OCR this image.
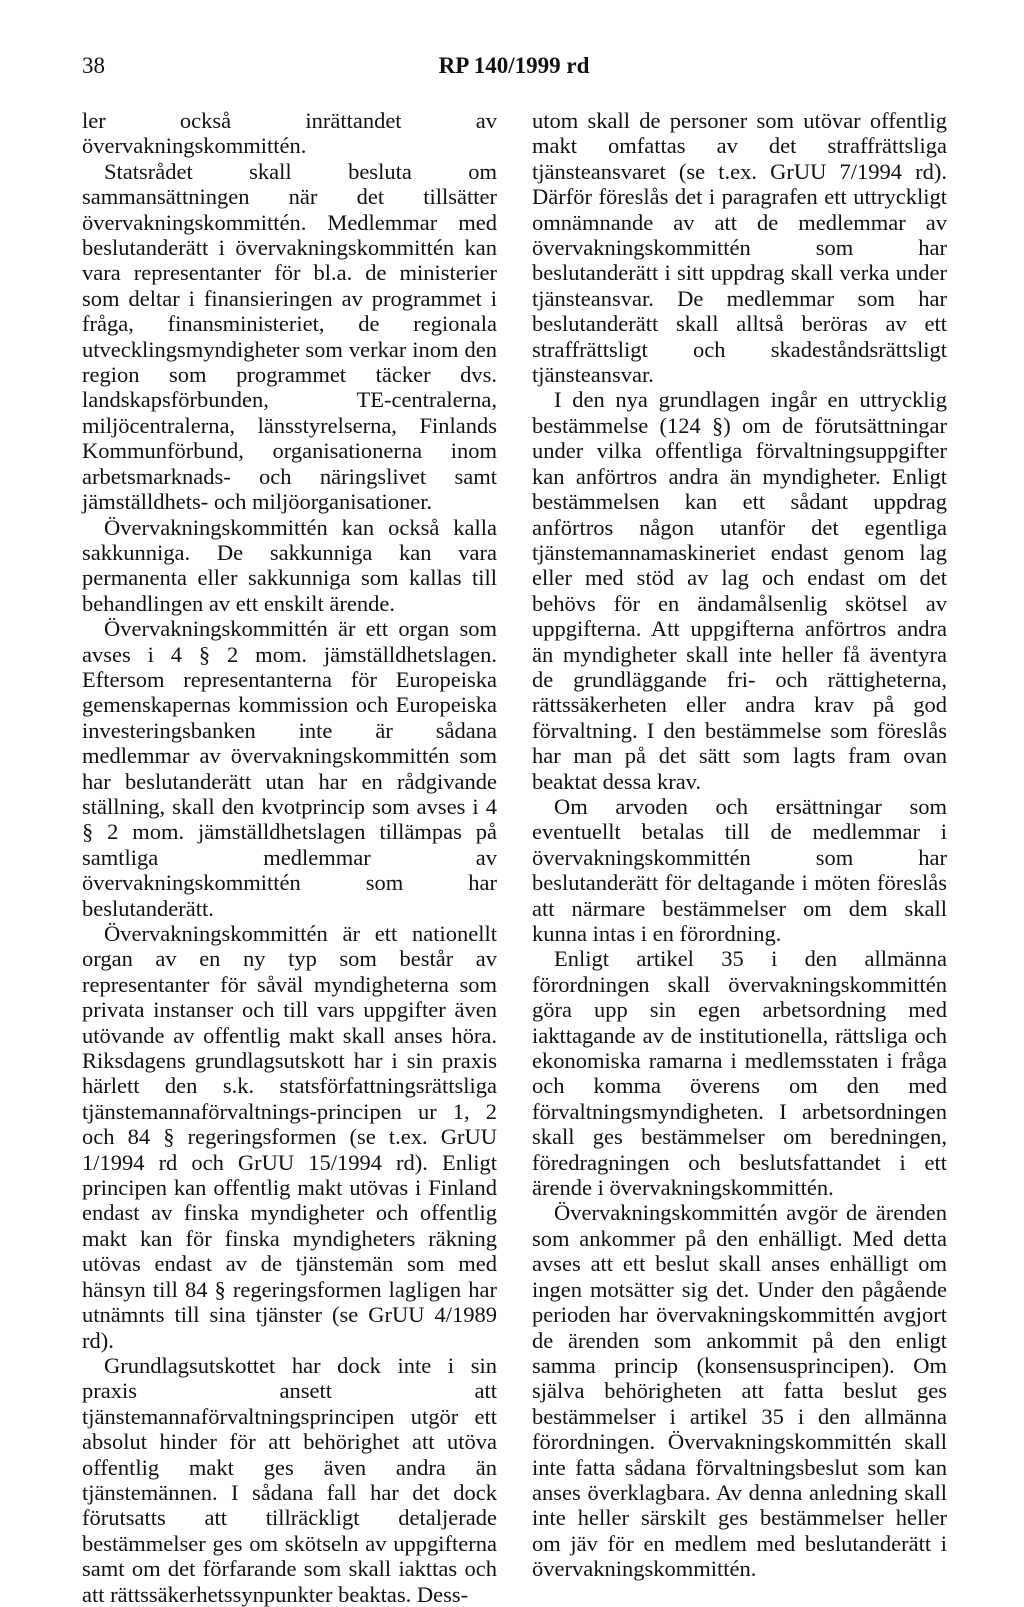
38	RP 140/1999 rd

ler också inrättandet av övervakningskommittén.

Statsrådet skall besluta om sammansättningen när det tillsätter övervakningskommittén. Medlemmar med beslutanderätt i övervakningskommittén kan vara representanter för bl.a. de ministerier som deltar i finansieringen av programmet i fråga, finansministeriet, de regionala utvecklingsmyndigheter som verkar inom den region som programmet täcker dvs. landskapsförbunden, TE-centralerna, miljöcentralerna, länsstyrelserna, Finlands Kommunförbund, organisationerna inom arbetsmarknads- och näringslivet samt jämställdhets- och miljöorganisationer.

Övervakningskommittén kan också kalla sakkunniga. De sakkunniga kan vara permanenta eller sakkunniga som kallas till behandlingen av ett enskilt ärende.

Övervakningskommittén är ett organ som avses i 4 § 2 mom. jämställdhetslagen. Eftersom representanterna för Europeiska gemenskapernas kommission och Europeiska investeringsbanken inte är sådana medlemmar av övervakningskommittén som har beslutanderätt utan har en rådgivande ställning, skall den kvotprincip som avses i 4 § 2 mom. jämställdhetslagen tillämpas på samtliga medlemmar av övervakningskommittén som har beslutanderätt.

Övervakningskommittén är ett nationellt organ av en ny typ som består av representanter för såväl myndigheterna som privata instanser och till vars uppgifter även utövande av offentlig makt skall anses höra. Riksdagens grundlagsutskott har i sin praxis härlett den s.k. statsförfattningsrättsliga tjänstemannaförvaltnings-principen ur 1, 2 och 84 § regeringsformen (se t.ex. GrUU 1/1994 rd och GrUU 15/1994 rd). Enligt principen kan offentlig makt utövas i Finland endast av finska myndigheter och offentlig makt kan för finska myndigheters räkning utövas endast av de tjänstemän som med hänsyn till 84 § regeringsformen lagligen har utnämnts till sina tjänster (se GrUU 4/1989 rd).

Grundlagsutskottet har dock inte i sin praxis ansett att tjänstemannaförvaltningsprincipen utgör ett absolut hinder för att behörighet att utöva offentlig makt ges även andra än tjänstemännen. I sådana fall har det dock förutsatts att tillräckligt detaljerade bestämmelser ges om skötseln av uppgifterna samt om det förfarande som skall iakttas och att rättssäkerhetssynpunkter beaktas. Dess-

utom skall de personer som utövar offentlig makt omfattas av det straffrättsliga tjänsteansvaret (se t.ex. GrUU 7/1994 rd). Därför föreslås det i paragrafen ett uttryckligt omnämnande av att de medlemmar av övervakningskommittén som har beslutanderätt i sitt uppdrag skall verka under tjänsteansvar. De medlemmar som har beslutanderätt skall alltså beröras av ett straffrättsligt och skadeståndsrättsligt tjänsteansvar.

I den nya grundlagen ingår en uttrycklig bestämmelse (124 §) om de förutsättningar under vilka offentliga förvaltningsuppgifter kan anförtros andra än myndigheter. Enligt bestämmelsen kan ett sådant uppdrag anförtros någon utanför det egentliga tjänstemannamaskineriet endast genom lag eller med stöd av lag och endast om det behövs för en ändamålsenlig skötsel av uppgifterna. Att uppgifterna anförtros andra än myndigheter skall inte heller få äventyra de grundläggande fri- och rättigheterna, rättssäkerheten eller andra krav på god förvaltning. I den bestämmelse som föreslås har man på det sätt som lagts fram ovan beaktat dessa krav.

Om arvoden och ersättningar som eventuellt betalas till de medlemmar i övervakningskommittén som har beslutanderätt för deltagande i möten föreslås att närmare bestämmelser om dem skall kunna intas i en förordning.

Enligt artikel 35 i den allmänna förordningen skall övervakningskommittén göra upp sin egen arbetsordning med iakttagande av de institutionella, rättsliga och ekonomiska ramarna i medlemsstaten i fråga och komma överens om den med förvaltningsmyndigheten. I arbetsordningen skall ges bestämmelser om beredningen, föredragningen och beslutsfattandet i ett ärende i övervakningskommittén.

Övervakningskommittén avgör de ärenden som ankommer på den enhälligt. Med detta avses att ett beslut skall anses enhälligt om ingen motsätter sig det. Under den pågående perioden har övervakningskommittén avgjort de ärenden som ankommit på den enligt samma princip (konsensusprincipen). Om själva behörigheten att fatta beslut ges bestämmelser i artikel 35 i den allmänna förordningen. Övervakningskommittén skall inte fatta sådana förvaltningsbeslut som kan anses överklagbara. Av denna anledning skall inte heller särskilt ges bestämmelser heller om jäv för en medlem med beslutanderätt i övervakningskommittén.
